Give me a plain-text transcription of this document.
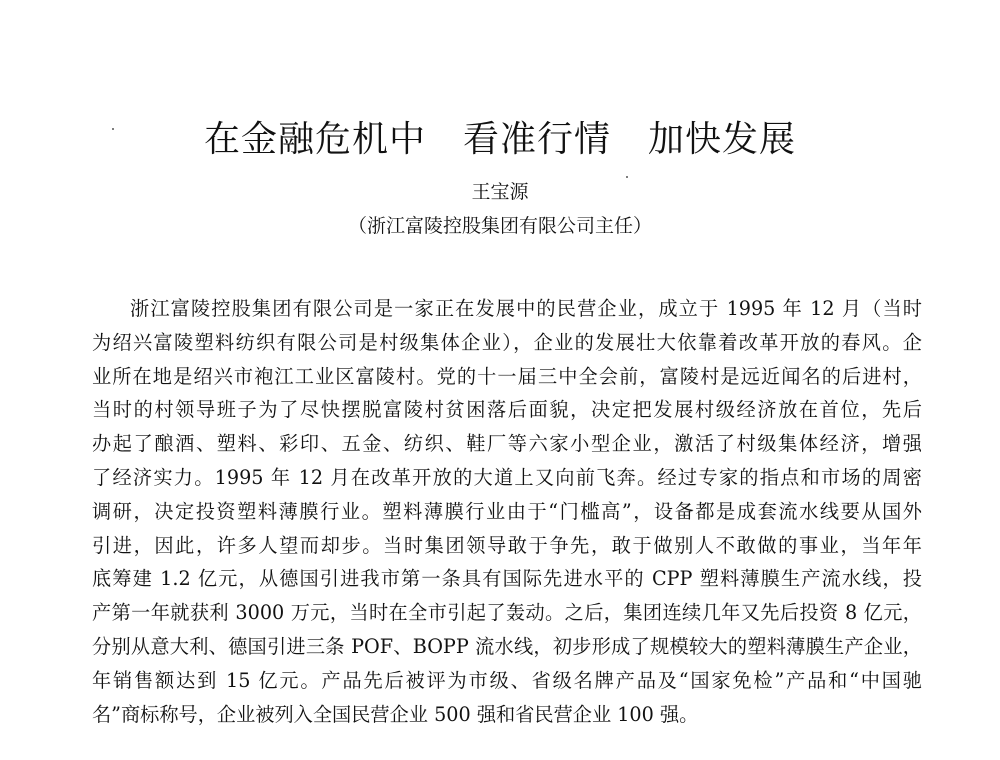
在金融危机中　看准行情　加快发展
王宝源
（浙江富陵控股集团有限公司主任）
浙江富陵控股集团有限公司是一家正在发展中的民营企业，成立于 1995 年 12 月（当时
为绍兴富陵塑料纺织有限公司是村级集体企业），企业的发展壮大依靠着改革开放的春风。企
业所在地是绍兴市袍江工业区富陵村。党的十一届三中全会前，富陵村是远近闻名的后进村，
当时的村领导班子为了尽快摆脱富陵村贫困落后面貌，决定把发展村级经济放在首位，先后
办起了酿酒、塑料、彩印、五金、纺织、鞋厂等六家小型企业，激活了村级集体经济，增强
了经济实力。1995 年 12 月在改革开放的大道上又向前飞奔。经过专家的指点和市场的周密
调研，决定投资塑料薄膜行业。塑料薄膜行业由于“门槛高”，设备都是成套流水线要从国外
引进，因此，许多人望而却步。当时集团领导敢于争先，敢于做别人不敢做的事业，当年年
底筹建 1.2 亿元，从德国引进我市第一条具有国际先进水平的 CPP 塑料薄膜生产流水线，投
产第一年就获利 3000 万元，当时在全市引起了轰动。之后，集团连续几年又先后投资 8 亿元，
分别从意大利、德国引进三条 POF、BOPP 流水线，初步形成了规模较大的塑料薄膜生产企业，
年销售额达到 15 亿元。产品先后被评为市级、省级名牌产品及“国家免检”产品和“中国驰
名”商标称号，企业被列入全国民营企业 500 强和省民营企业 100 强。
